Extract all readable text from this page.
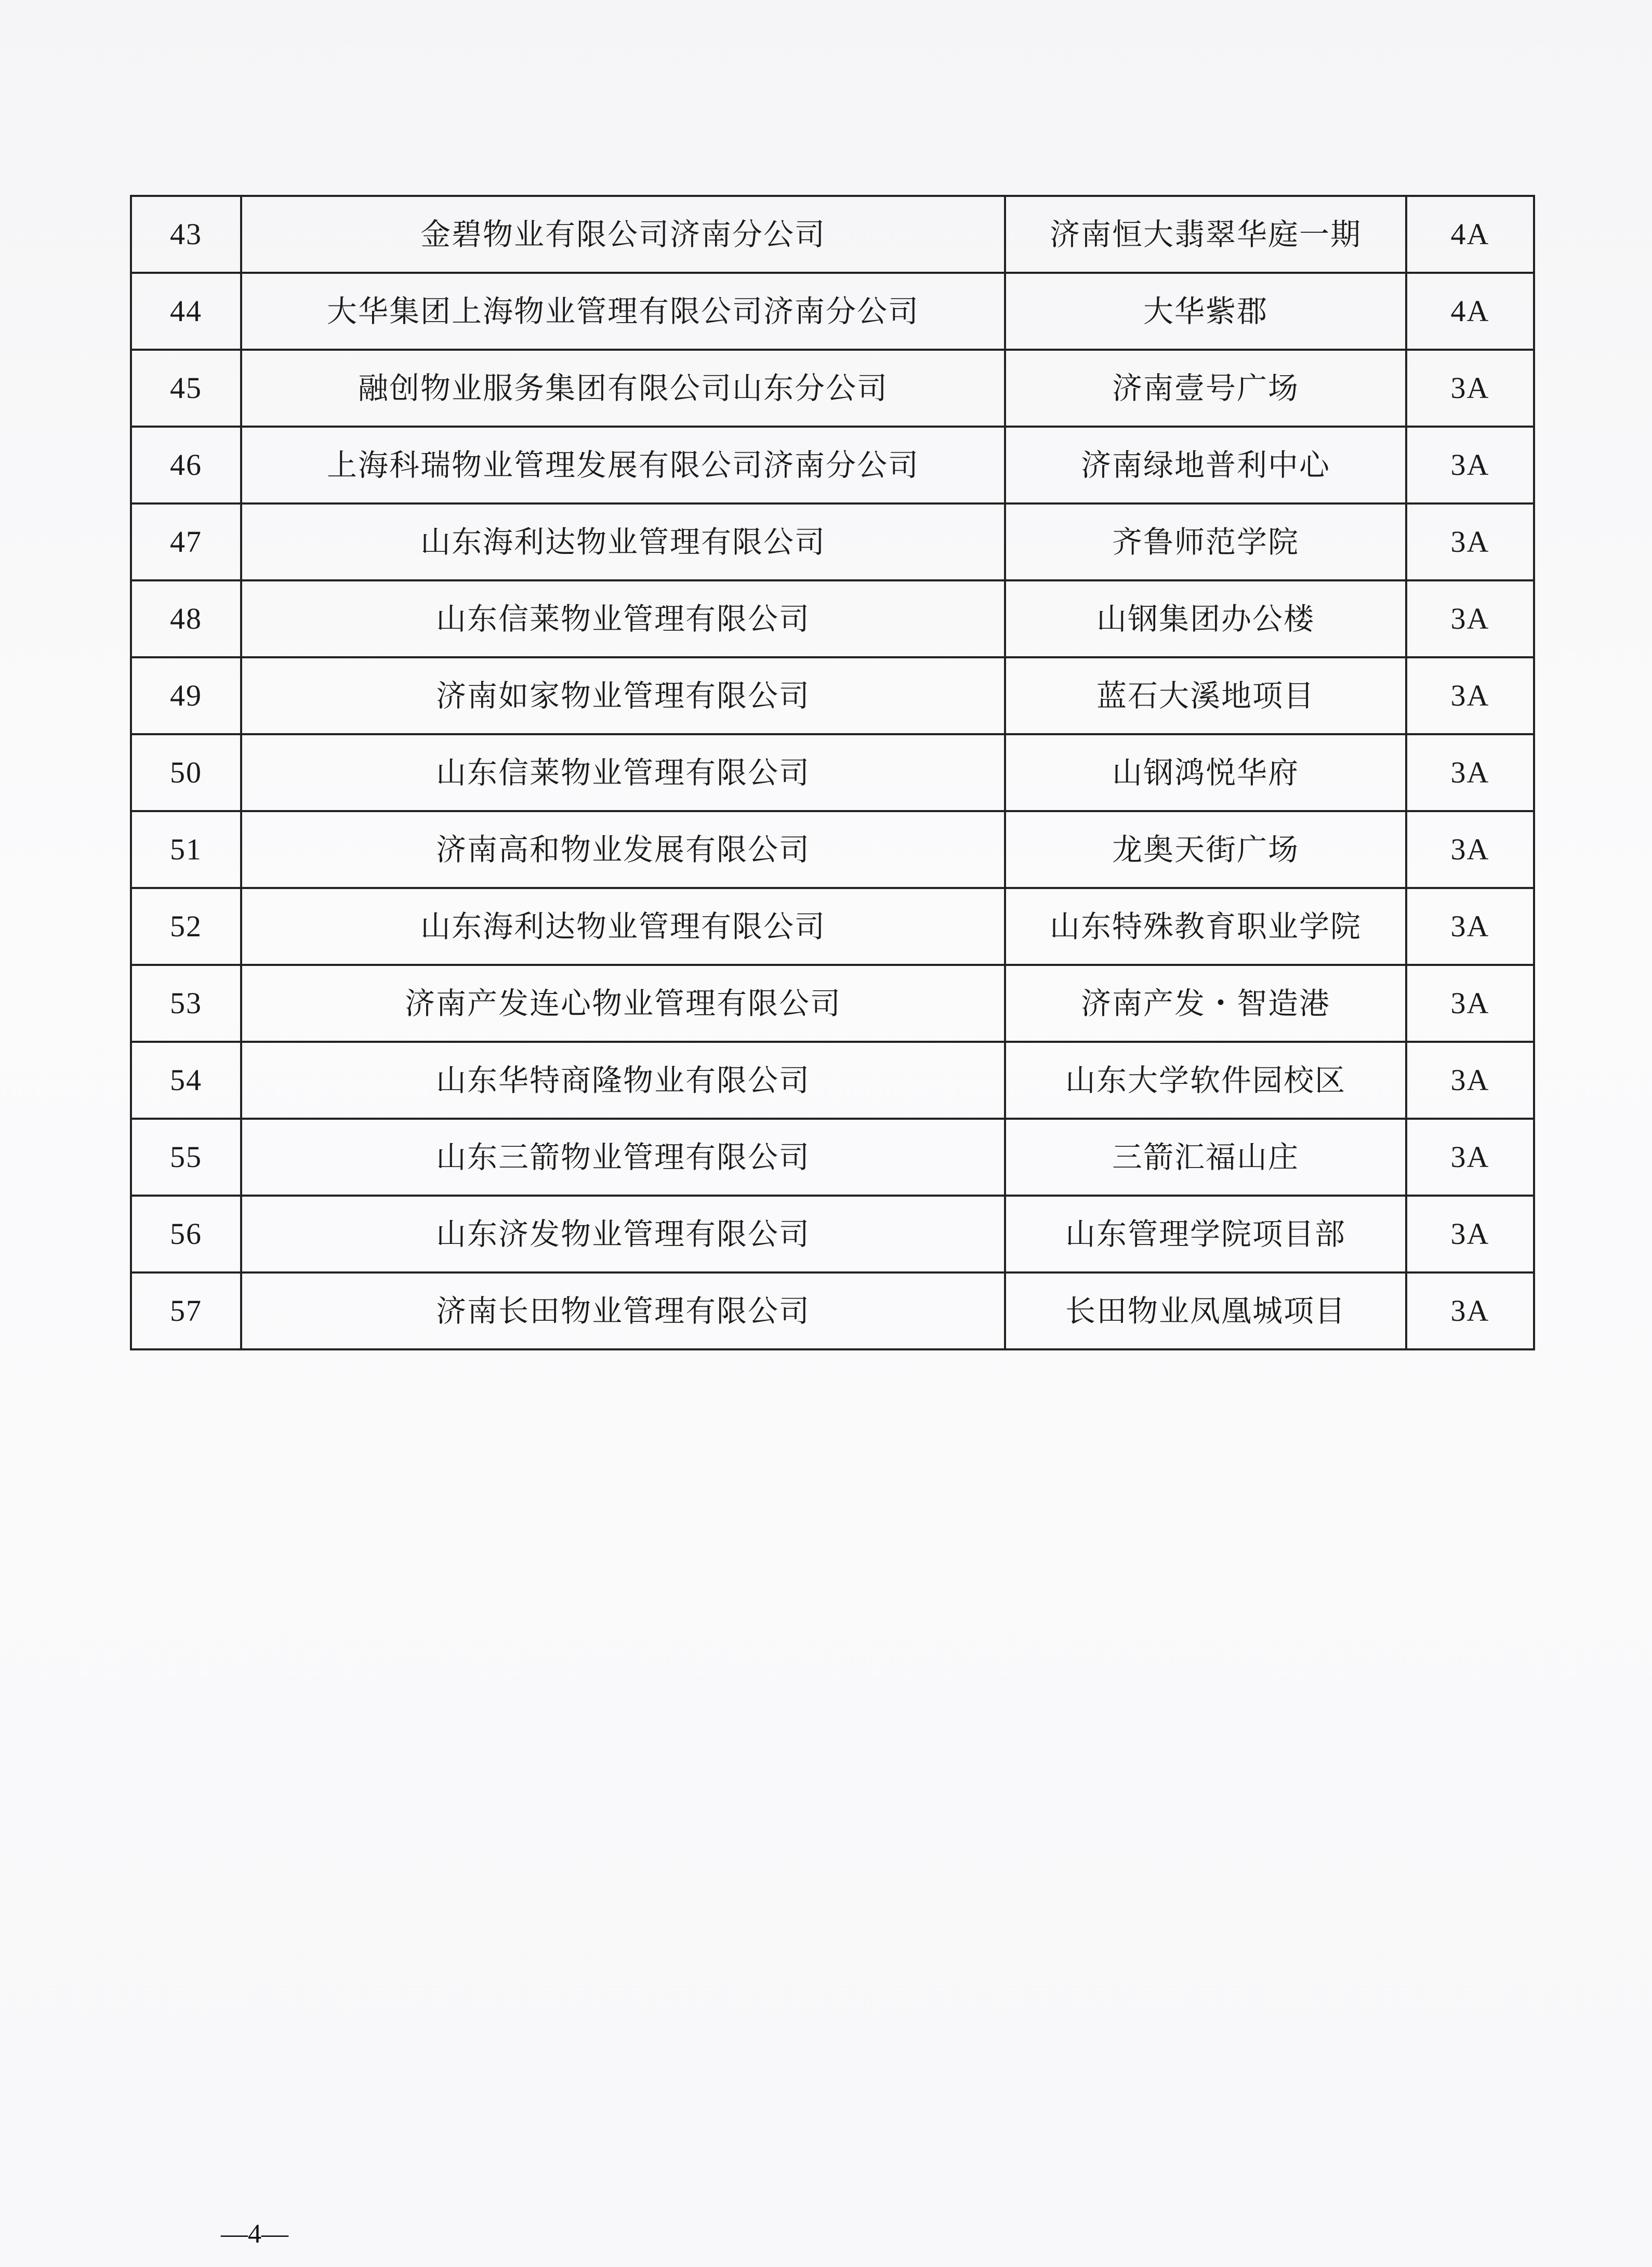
43	金碧物业有限公司济南分公司	济南恒大翡翠华庭一期	4A
44	大华集团上海物业管理有限公司济南分公司	大华紫郡	4A
45	融创物业服务集团有限公司山东分公司	济南壹号广场	3A
46	上海科瑞物业管理发展有限公司济南分公司	济南绿地普利中心	3A
47	山东海利达物业管理有限公司	齐鲁师范学院	3A
48	山东信莱物业管理有限公司	山钢集团办公楼	3A
49	济南如家物业管理有限公司	蓝石大溪地项目	3A
50	山东信莱物业管理有限公司	山钢鸿悦华府	3A
51	济南高和物业发展有限公司	龙奥天街广场	3A
52	山东海利达物业管理有限公司	山东特殊教育职业学院	3A
53	济南产发连心物业管理有限公司	济南产发・智造港	3A
54	山东华特商隆物业有限公司	山东大学软件园校区	3A
55	山东三箭物业管理有限公司	三箭汇福山庄	3A
56	山东济发物业管理有限公司	山东管理学院项目部	3A
57	济南长田物业管理有限公司	长田物业凤凰城项目	3A
—4—
